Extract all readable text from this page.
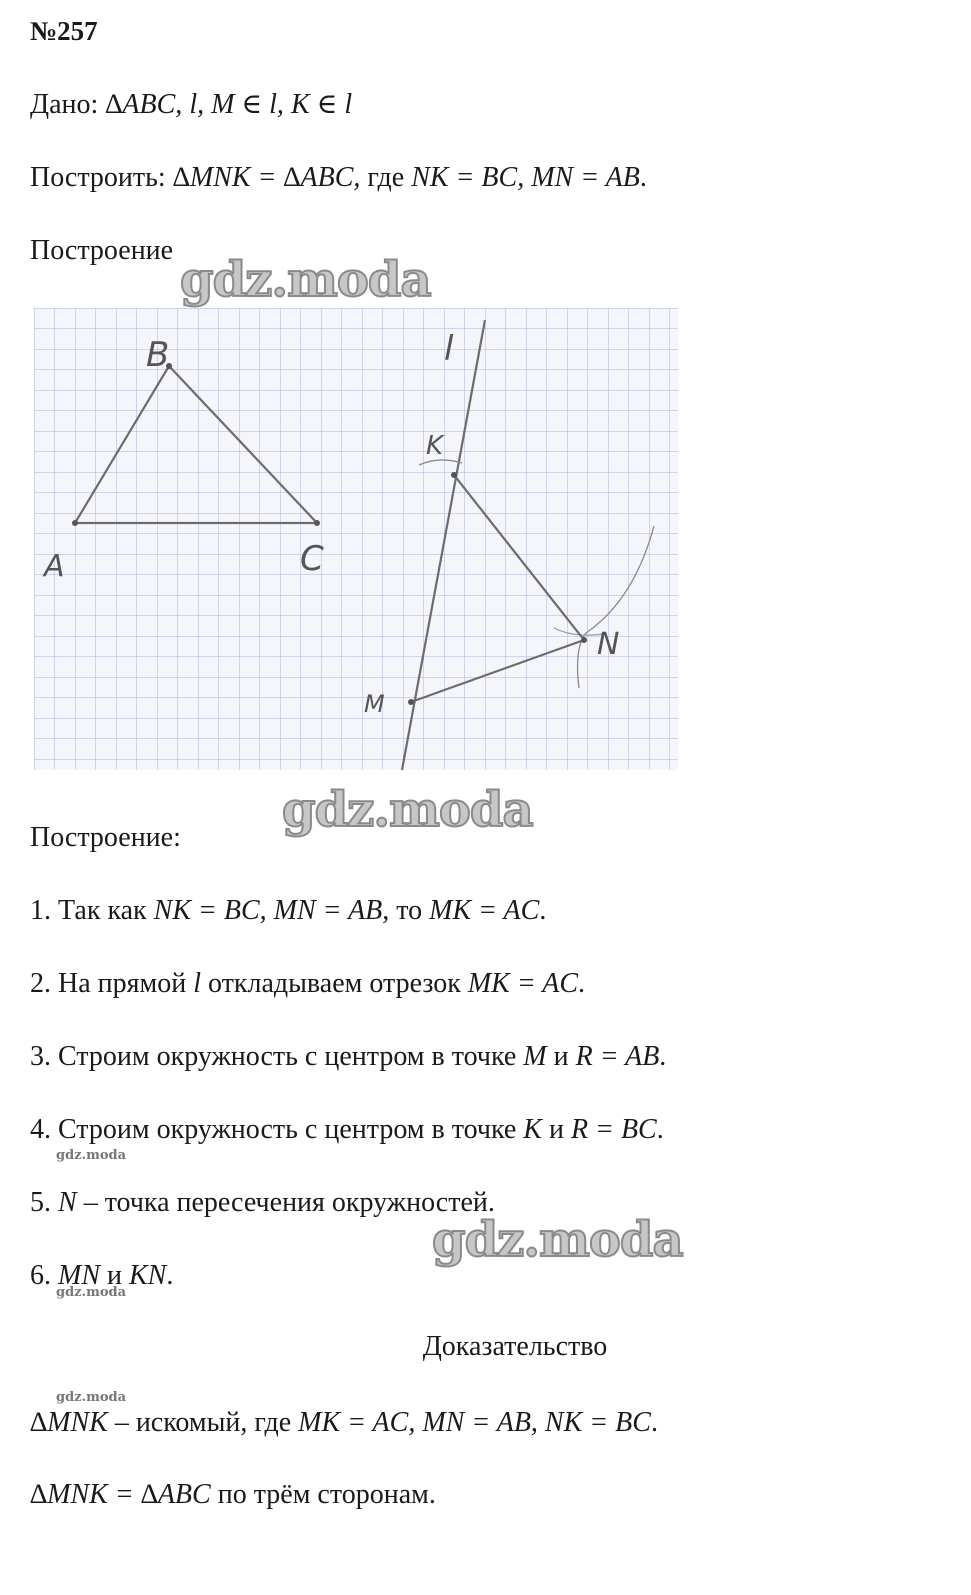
№257
Дано: ∆ABC, l, M ∈ l, K ∈ l
Построить: ∆MNK = ∆ABC, где NK = BC, MN = AB.
Построение
gdz.moda
B
A	C
l
K
N
M
gdz.moda
Построение:
1. Так как NK = BC, MN = AB, то MK = AC.
2. На прямой l откладываем отрезок MK = AC.
3. Строим окружность с центром в точке M и R = AB.
4. Строим окружность с центром в точке K и R = BC.
gdz.moda
5. N – точка пересечения окружностей.
gdz.moda
6. MN и KN.
gdz.moda
Доказательство
gdz.moda
∆MNK – искомый, где MK = AC, MN = AB, NK = BC.
∆MNK = ∆ABC по трём сторонам.
